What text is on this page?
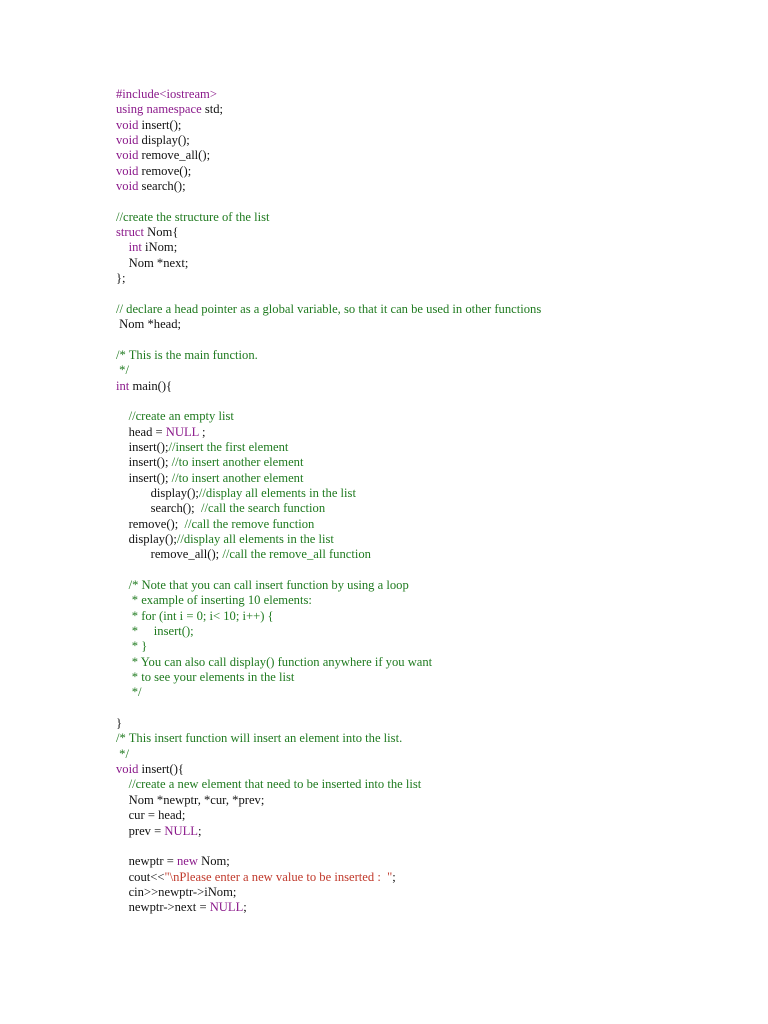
#include<iostream>
using namespace std;
void insert();
void display();
void remove_all();
void remove();
void search();
//create the structure of the list
struct Nom{
int iNom;
Nom *next;
};
// declare a head pointer as a global variable, so that it can be used in other functions
Nom *head;
/* This is the main function.
*/
int main(){
//create an empty list
head = NULL ;
insert();//insert the first element
insert(); //to insert another element
insert(); //to insert another element
display();//display all elements in the list
search();  //call the search function
remove();  //call the remove function
display();//display all elements in the list
remove_all(); //call the remove_all function
/* Note that you can call insert function by using a loop
* example of inserting 10 elements:
* for (int i = 0; i< 10; i++) {
*     insert();
* }
* You can also call display() function anywhere if you want
* to see your elements in the list
*/
}
/* This insert function will insert an element into the list.
*/
void insert(){
//create a new element that need to be inserted into the list
Nom *newptr, *cur, *prev;
cur = head;
prev = NULL;
newptr = new Nom;
cout<<"\nPlease enter a new value to be inserted :  ";
cin>>newptr->iNom;
newptr->next = NULL;
